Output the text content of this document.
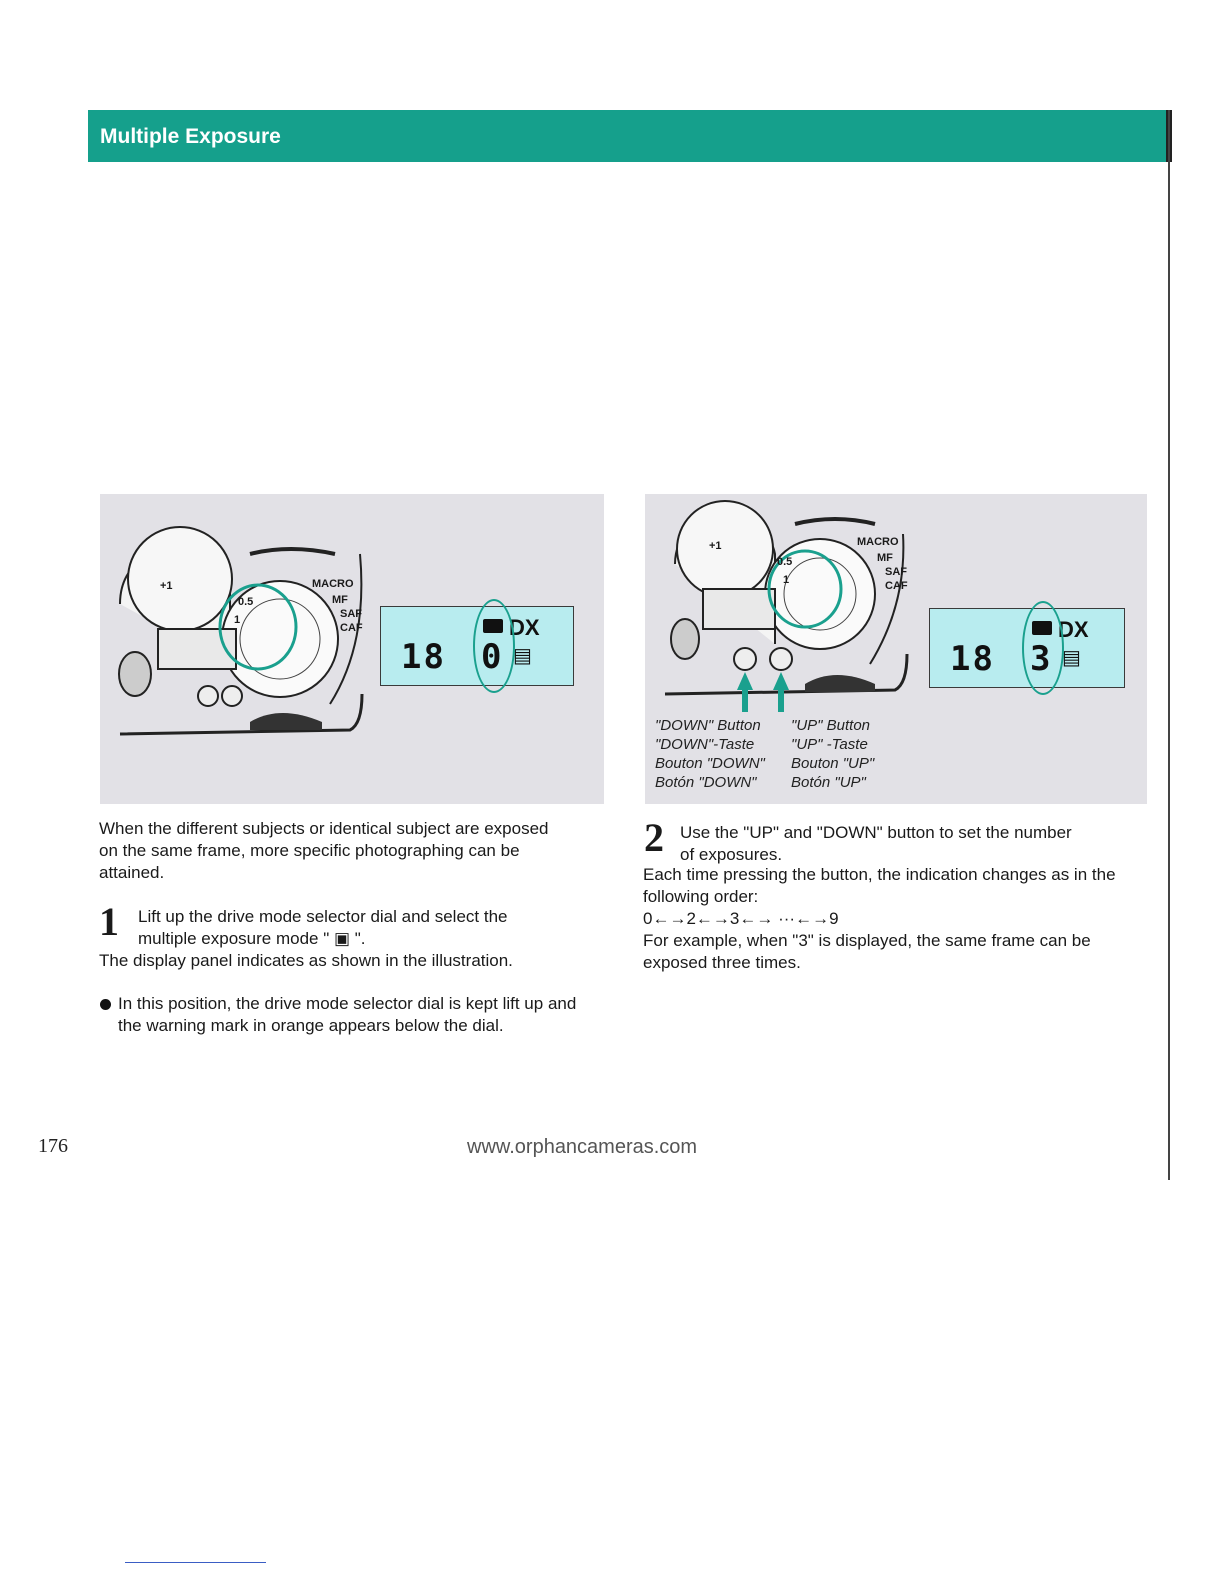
Multiple Exposure
MACRO
MF
SAF
CAF
0.5
1
+1
18 0
DX
▤
MACRO
MF
SAF
CAF
0.5
1
+1
18 3
DX
▤
"DOWN" Button
"DOWN"-Taste
Bouton "DOWN"
Botón "DOWN"
"UP" Button
"UP" -Taste
Bouton "UP"
Botón "UP"
When the different subjects or identical subject are exposed on the same frame, more specific photographing can be attained.
1 Lift up the drive mode selector dial and select the
multiple exposure mode " ▣ ".
The display panel indicates as shown in the illustration.
In this position, the drive mode selector dial is kept lift up and the warning mark in orange appears below the dial.
2 Use the "UP" and "DOWN" button to set the number
of exposures.
Each time pressing the button, the indication changes as in the following order:
0←→2←→3←→ ···←→9
For example, when "3" is displayed, the same frame can be exposed three times.
176	www.orphancameras.com
